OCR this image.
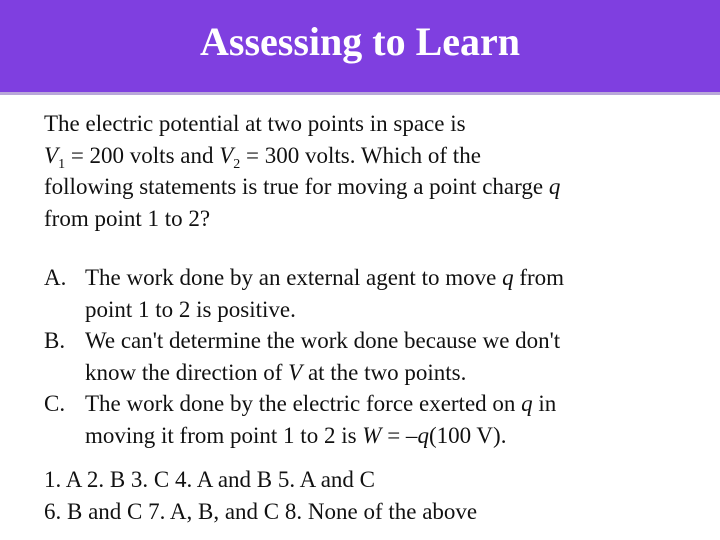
Assessing to Learn
The electric potential at two points in space is
$V_1 = 200$ volts and $V_2 = 300$ volts. Which of the
following statements is true for moving a point charge q
from point 1 to 2?
A. The work done by an external agent to move q from
point 1 to 2 is positive.
B. We can't determine the work done because we don't
know the direction of V at the two points.
C. The work done by the electric force exerted on q in
moving it from point 1 to 2 is W = –q(100 V).
1. A 2. B 3. C 4. A and B 5. A and C
6. B and C 7. A, B, and C 8. None of the above
